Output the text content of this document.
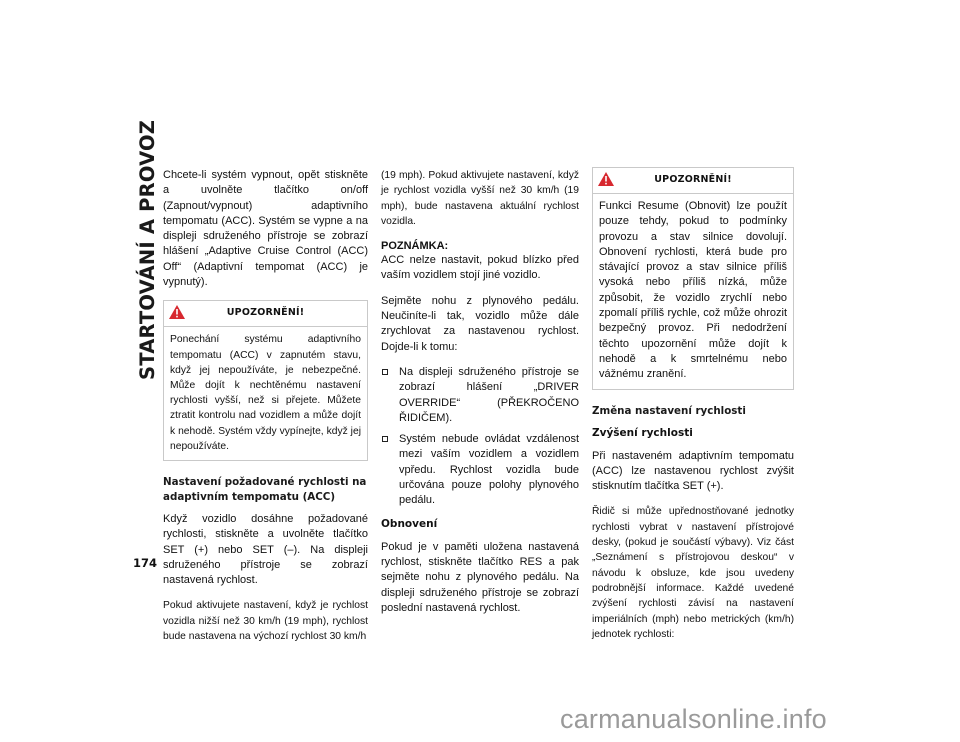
STARTOVÁNÍ A PROVOZ
174

Chcete-li systém vypnout, opět stiskněte a uvolněte tlačítko on/off (Zapnout/vypnout) adaptivního tempomatu (ACC). Systém se vypne a na displeji sdruženého přístroje se zobrazí hlášení „Adaptive Cruise Control (ACC) Off“ (Adaptivní tempomat (ACC) je vypnutý).

UPOZORNĚNÍ!
Ponechání systému adaptivního tempomatu (ACC) v zapnutém stavu, když jej nepoužíváte, je nebezpečné. Může dojít k nechtěnému nastavení rychlosti vyšší, než si přejete. Můžete ztratit kontrolu nad vozidlem a může dojít k nehodě. Systém vždy vypínejte, když jej nepoužíváte.
Nastavení požadované rychlosti na adaptivním tempomatu (ACC)

Když vozidlo dosáhne požadované rychlosti, stiskněte a uvolněte tlačítko SET (+) nebo SET (–). Na displeji sdruženého přístroje se zobrazí nastavená rychlost.

Pokud aktivujete nastavení, když je rychlost vozidla nižší než 30 km/h (19 mph), rychlost bude nastavena na výchozí rychlost 30 km/h

(19 mph). Pokud aktivujete nastavení, když je rychlost vozidla vyšší než 30 km/h (19 mph), bude nastavena aktuální rychlost vozidla.

POZNÁMKA:

ACC nelze nastavit, pokud blízko před vaším vozidlem stojí jiné vozidlo.

Sejměte nohu z plynového pedálu. Neučiníte-li tak, vozidlo může dále zrychlovat za nastavenou rychlost. Dojde-li k tomu:

Na displeji sdruženého přístroje se zobrazí hlášení „DRIVER OVERRIDE“ (PŘEKROČENO ŘIDIČEM).
Systém nebude ovládat vzdálenost mezi vaším vozidlem a vozidlem vpředu. Rychlost vozidla bude určována pouze polohy plynového pedálu.
Obnovení

Pokud je v paměti uložena nastavená rychlost, stiskněte tlačítko RES a pak sejměte nohu z plynového pedálu. Na displeji sdruženého přístroje se zobrazí poslední nastavená rychlost.

UPOZORNĚNÍ!
Funkci Resume (Obnovit) lze použít pouze tehdy, pokud to podmínky provozu a stav silnice dovolují. Obnovení rychlosti, která bude pro stávající provoz a stav silnice příliš vysoká nebo příliš nízká, může způsobit, že vozidlo zrychlí nebo zpomalí příliš rychle, což může ohrozit bezpečný provoz. Při nedodržení těchto upozornění může dojít k nehodě a k smrtelnému nebo vážnému zranění.
Změna nastavení rychlosti
Zvýšení rychlosti

Při nastaveném adaptivním tempomatu (ACC) lze nastavenou rychlost zvýšit stisknutím tlačítka SET (+).

Řidič si může upřednostňované jednotky rychlosti vybrat v nastavení přístrojové desky, (pokud je součástí výbavy). Viz část „Seznámení s přístrojovou deskou“ v návodu k obsluze, kde jsou uvedeny podrobnější informace. Každé uvedené zvýšení rychlosti závisí na nastavení imperiálních (mph) nebo metrických (km/h) jednotek rychlosti:

carmanualsonline.info
